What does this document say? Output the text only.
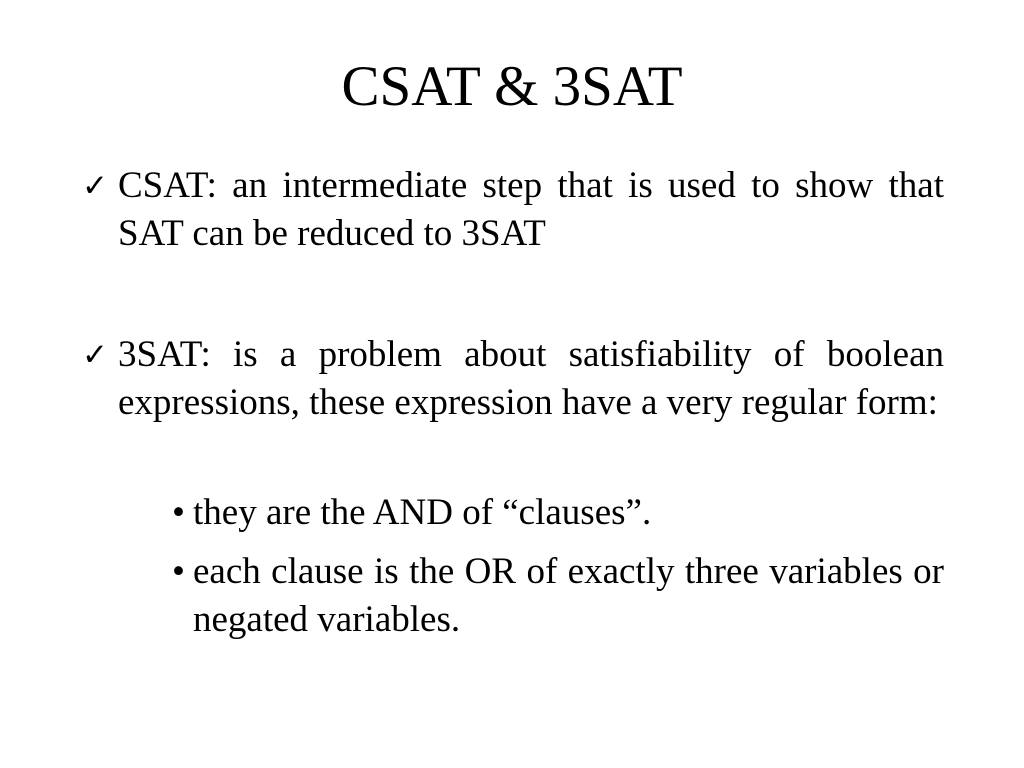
CSAT & 3SAT
✓ CSAT: an intermediate step that is used to show that SAT can be reduced to 3SAT
✓ 3SAT: is a problem about satisfiability of boolean expressions, these expression have a very regular form:
• they are the AND of “clauses”.
• each clause is the OR of exactly three variables or negated variables.
